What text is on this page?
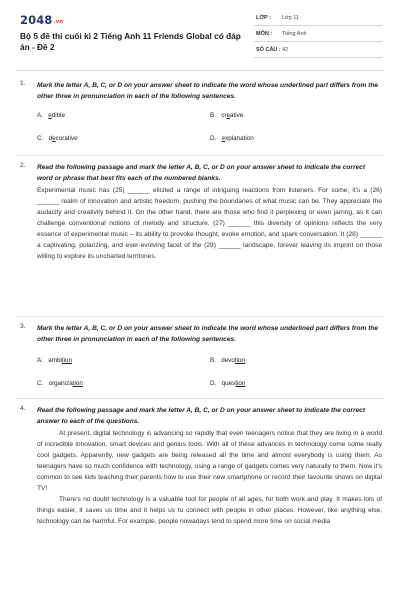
2048.vn
Bộ 5 đề thi cuối kì 2 Tiếng Anh 11 Friends Global có đáp án - Đề 2
LỚP : Lớp 11
MÔN : Tiếng Anh
SỐ CÂU : 42
1. Mark the letter A, B, C, or D on your answer sheet to indicate the word whose underlined part differs from the other three in pronunciation in each of the following sentences.
A. edible	B. creative
C. decorative	D. explanation
2. Read the following passage and mark the letter A, B, C, or D on your answer sheet to indicate the correct word or phrase that best fits each of the numbered blanks.

Experimental music has (25) ______ elicited a range of intriguing reactions from listeners. For some, it's a (26) ______ realm of innovation and artistic freedom, pushing the boundaries of what music can be. They appreciate the audacity and creativity behind it. On the other hand, there are those who find it perplexing or even jarring, as it can challenge conventional notions of melody and structure. (27) ______ this diversity of opinions reflects the very essence of experimental music – its ability to provoke thought, evoke emotion, and spark conversation. It (28) ______ a captivating, polarizing, and ever-evolving facet of the (29) ______ landscape, forever leaving its imprint on those willing to explore its uncharted territories.

3. Mark the letter A, B, C, or D on your answer sheet to indicate the word whose underlined part differs from the other three in pronunciation in each of the following sentences.
A. ambition	B. devotion
C. organization	D. question
4. Read the following passage and mark the letter A, B, C, or D on your answer sheet to indicate the correct answer to each of the questions.

At present, digital technology is advancing so rapidly that even teenagers notice that they are living in a world of incredible innovation, smart devices and genius tools. With all of these advances in technology come some really cool gadgets. Apparently, new gadgets are being released all the time and almost everybody is using them. As teenagers have so much confidence with technology, using a range of gadgets comes very naturally to them. Now it's common to see kids teaching their parents how to use their new smartphone or record their favourite shows on digital TV!

There's no doubt technology is a valuable tool for people of all ages, for both work and play. It makes lots of things easier, it saves us time and it helps us to connect with people in other places. However, like anything else, technology can be harmful. For example, people nowadays tend to spend more time on social media
